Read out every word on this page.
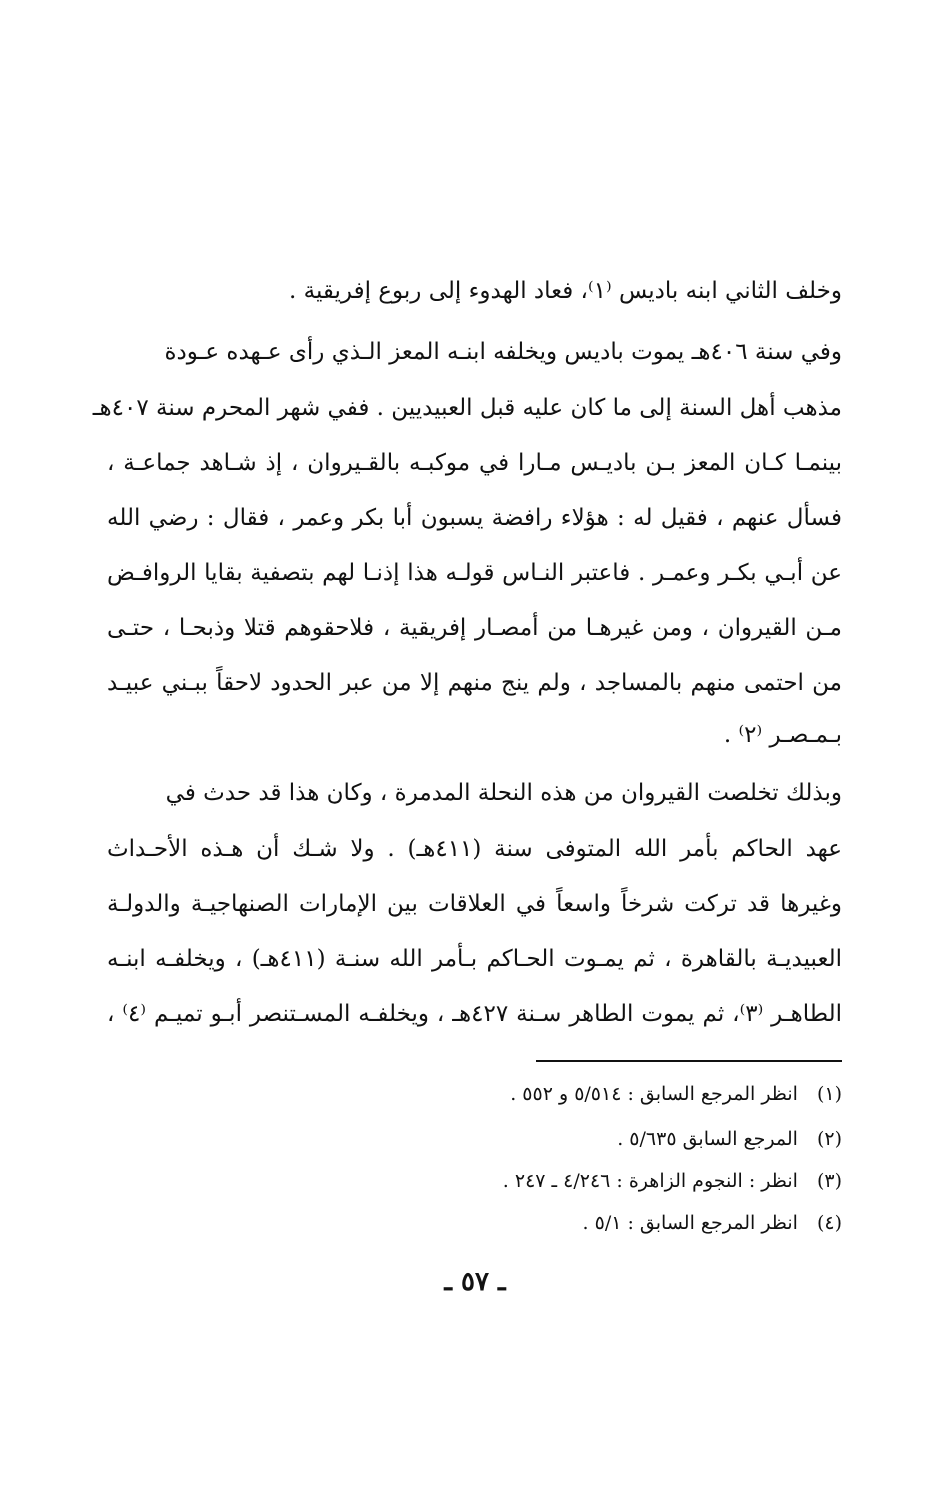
وخلف الثاني ابنه باديس ⁽١⁾، فعاد الهدوء إلى ربوع إفريقية .
وفي سنة ٤٠٦هـ يموت باديس ويخلفه ابنـه المعز الـذي رأى عـهده عـودة
مذهب أهل السنة إلى ما كان عليه قبل العبيديين . ففي شهر المحرم سنة ٤٠٧هـ
بينمـا كـان المعز بـن باديـس مـارا في موكبـه بالقـيروان ، إذ شـاهد جماعـة ،
فسأل عنهم ، فقيل له : هؤلاء رافضة يسبون أبا بكر وعمر ، فقال : رضي الله
عن أبـي بكـر وعمـر . فاعتبر النـاس قولـه هذا إذنـا لهم بتصفية بقايا الروافـض
مـن القيروان ، ومن غيرهـا من أمصـار إفريقية ، فلاحقوهم قتلا وذبحـا ، حتـى
من احتمى منهم بالمساجد ، ولم ينج منهم إلا من عبر الحدود لاحقاً ببـني عبيـد
بـمـصـر ⁽٢⁾ .
وبذلك تخلصت القيروان من هذه النحلة المدمرة ، وكان هذا قد حدث في
عهد الحاكم بأمر الله المتوفى سنة (٤١١هـ) . ولا شـك أن هـذه الأحـداث
وغيرها قد تركت شرخاً واسعاً في العلاقات بين الإمارات الصنهاجيـة والدولـة
العبيديـة بالقاهرة ، ثم يمـوت الحـاكم بـأمر الله سنـة (٤١١هـ) ، ويخلفـه ابنـه
الطاهـر ⁽٣⁾، ثم يموت الطاهر سـنة ٤٢٧هـ ، ويخلفـه المسـتنصر أبـو تميـم ⁽٤⁾ ،
(١) انظر المرجع السابق : ٥/٥١٤ و ٥٥٢ .
(٢) المرجع السابق ٥/٦٣٥ .
(٣) انظر : النجوم الزاهرة : ٤/٢٤٦ ـ ٢٤٧ .
(٤) انظر المرجع السابق : ٥/١ .
ـ ٥٧ ـ
